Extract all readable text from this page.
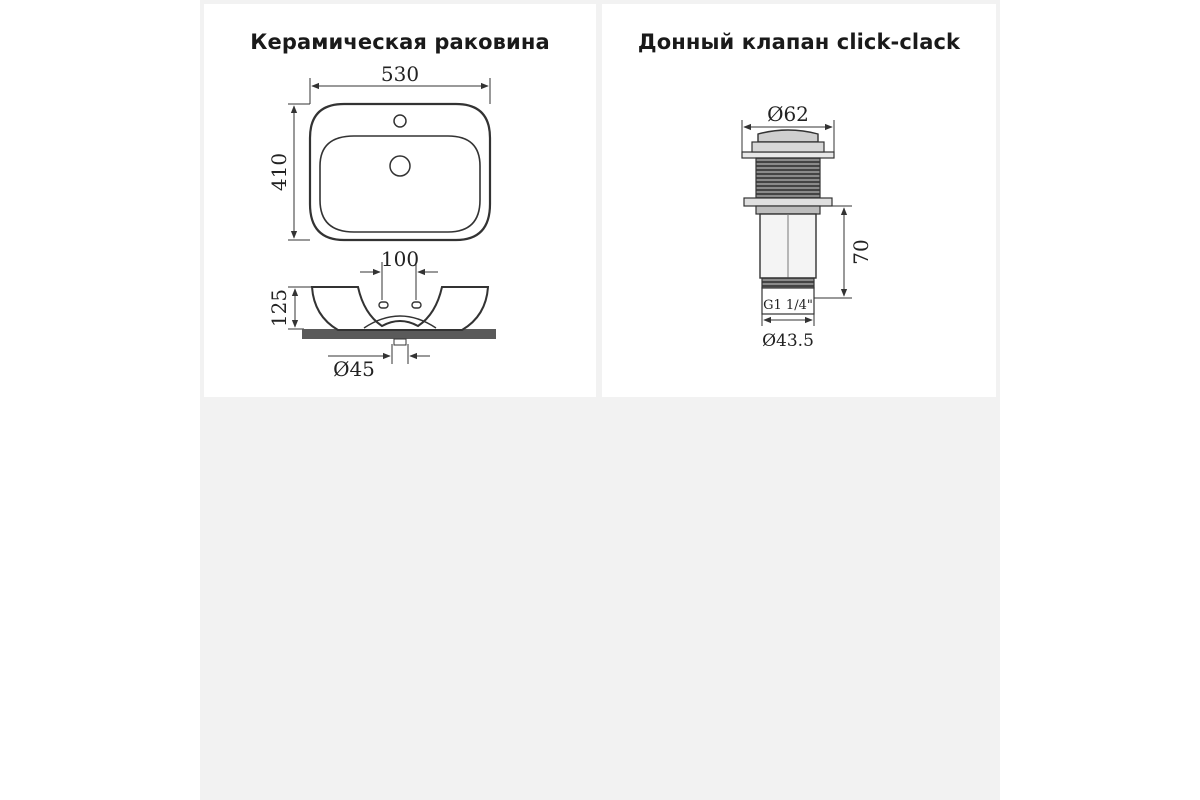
Керамическая раковина
530
410
100
125
Ø45
Донный клапан click-clack
Ø62
70
G1 1/4"
Ø43.5
